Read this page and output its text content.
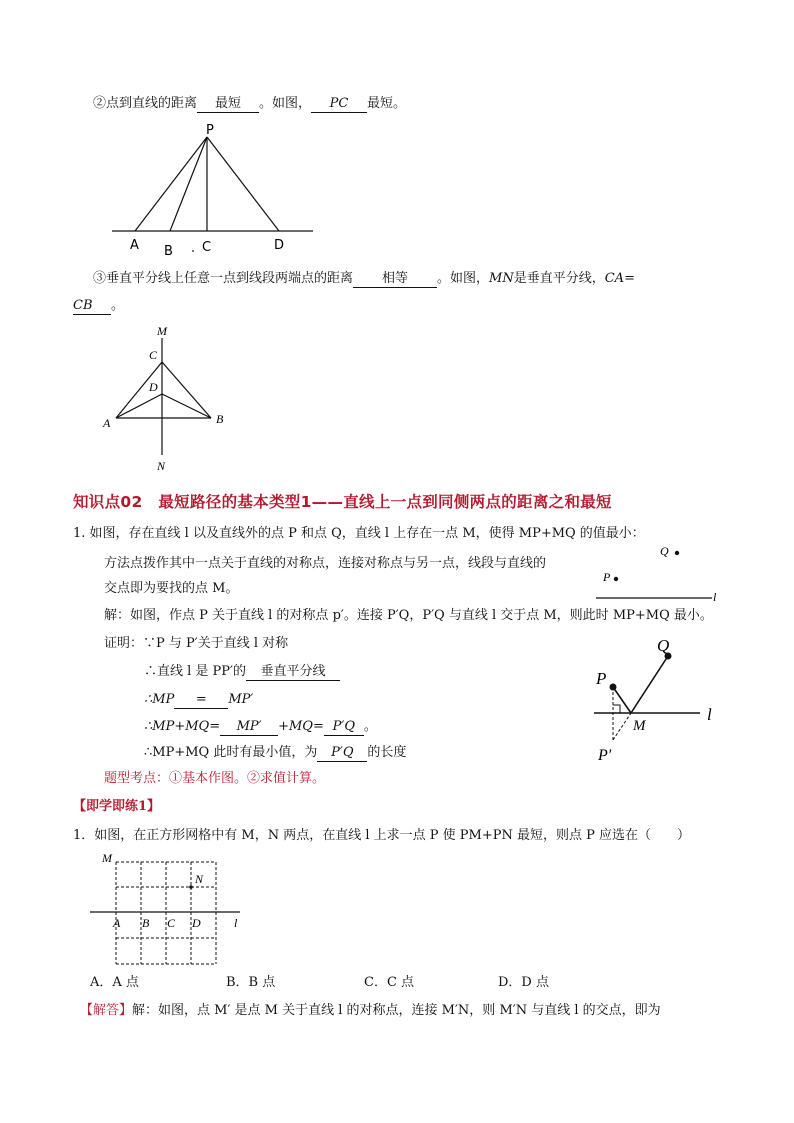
②点到直线的距离 最短 。如图， PC 最短。
P
A B C	D
③垂直平分线上任意一点到线段两端点的距离 相等 。如图，MN是垂直平分线，CA=
CB 。
M
C
D
A	B
N
知识点02　最短路径的基本类型1——直线上一点到同侧两点的距离之和最短
1. 如图，存在直线 l 以及直线外的点 P 和点 Q，直线 l 上存在一点 M，使得 MP+MQ 的值最小：
方法点拨作其中一点关于直线的对称点，连接对称点与另一点，线段与直线的
交点即为要找的点 M。
解：如图，作点 P 关于直线 l 的对称点 p′。连接 P′Q，P′Q 与直线 l 交于点 M，则此时 MP+MQ 最小。
证明：∵P 与 P′关于直线 l 对称
∴直线 l 是 PP′的 垂直平分线
∴MP = MP′
∴MP+MQ= MP′ +MQ= P′Q 。
∴MP+MQ 此时有最小值，为 P′Q 的长度
题型考点：①基本作图。②求值计算。
Q
P
l
Q
P
M
P′
l
【即学即练1】
1．如图，在正方形网格中有 M，N 两点，在直线 l 上求一点 P 使 PM+PN 最短，则点 P 应选在（　　）
M
N
A B C D	l
A．A 点	B．B 点	C．C 点	D．D 点
【解答】解：如图，点 M′ 是点 M 关于直线 l 的对称点，连接 M′N，则 M′N 与直线 l 的交点，即为
